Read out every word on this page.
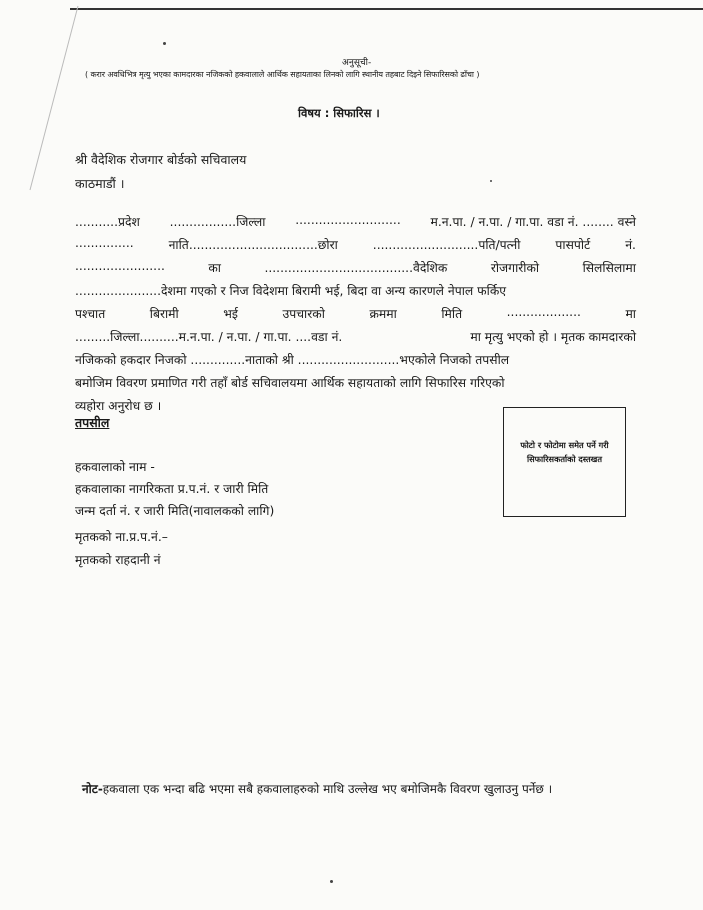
अनुसूची-
( करार अवधिभित्र मृत्यु भएका कामदारका नजिकको हकवालाले आर्थिक सहायताका लिनको लागि स्थानीय तहबाट दिइने सिफारिसको ढाँचा )
विषय : सिफारिस ।
श्री वैदेशिक रोजगार बोर्डको सचिवालय
काठमाडौं ।
...........प्रदेश .................जिल्ला ........................... म.न.पा. / न.पा. / गा.पा. वडा नं. ........ वस्ने
...............	नाति.................................छोरा	...........................पति/पत्नी	पासपोर्ट	नं.
.......................	का	......................................वैदेशिक	रोजगारीको	सिलसिलामा
......................देशमा गएको र निज विदेशमा बिरामी भई, बिदा वा अन्य कारणले नेपाल फर्किए
पश्चात	बिरामी	भई	उपचारको	क्रममा	मिति	...................	मा
.........जिल्ला..........म.न.पा. / न.पा. / गा.पा. ....वडा नं.	मा मृत्यु भएको हो । मृतक कामदारको
नजिकको हकदार निजको ..............नाताको श्री ..........................भएकोले निजको तपसील
बमोजिम विवरण प्रमाणित गरी तहाँ बोर्ड सचिवालयमा आर्थिक सहायताको लागि सिफारिस गरिएको
व्यहोरा अनुरोध छ ।
तपसील
हकवालाको नाम -
हकवालाका नागरिकता प्र.प.नं. र जारी मिति
जन्म दर्ता नं. र जारी मिति(नावालकको लागि)
मृतकको ना.प्र.प.नं.–
मृतकको राहदानी नं
फोटो र फोटोमा समेत पर्ने गरी सिफारिसकर्ताको दस्तखत
नोट-हकवाला एक भन्दा बढि भएमा सबै हकवालाहरुको माथि उल्लेख भए बमोजिमकै विवरण खुलाउनु पर्नेछ ।
